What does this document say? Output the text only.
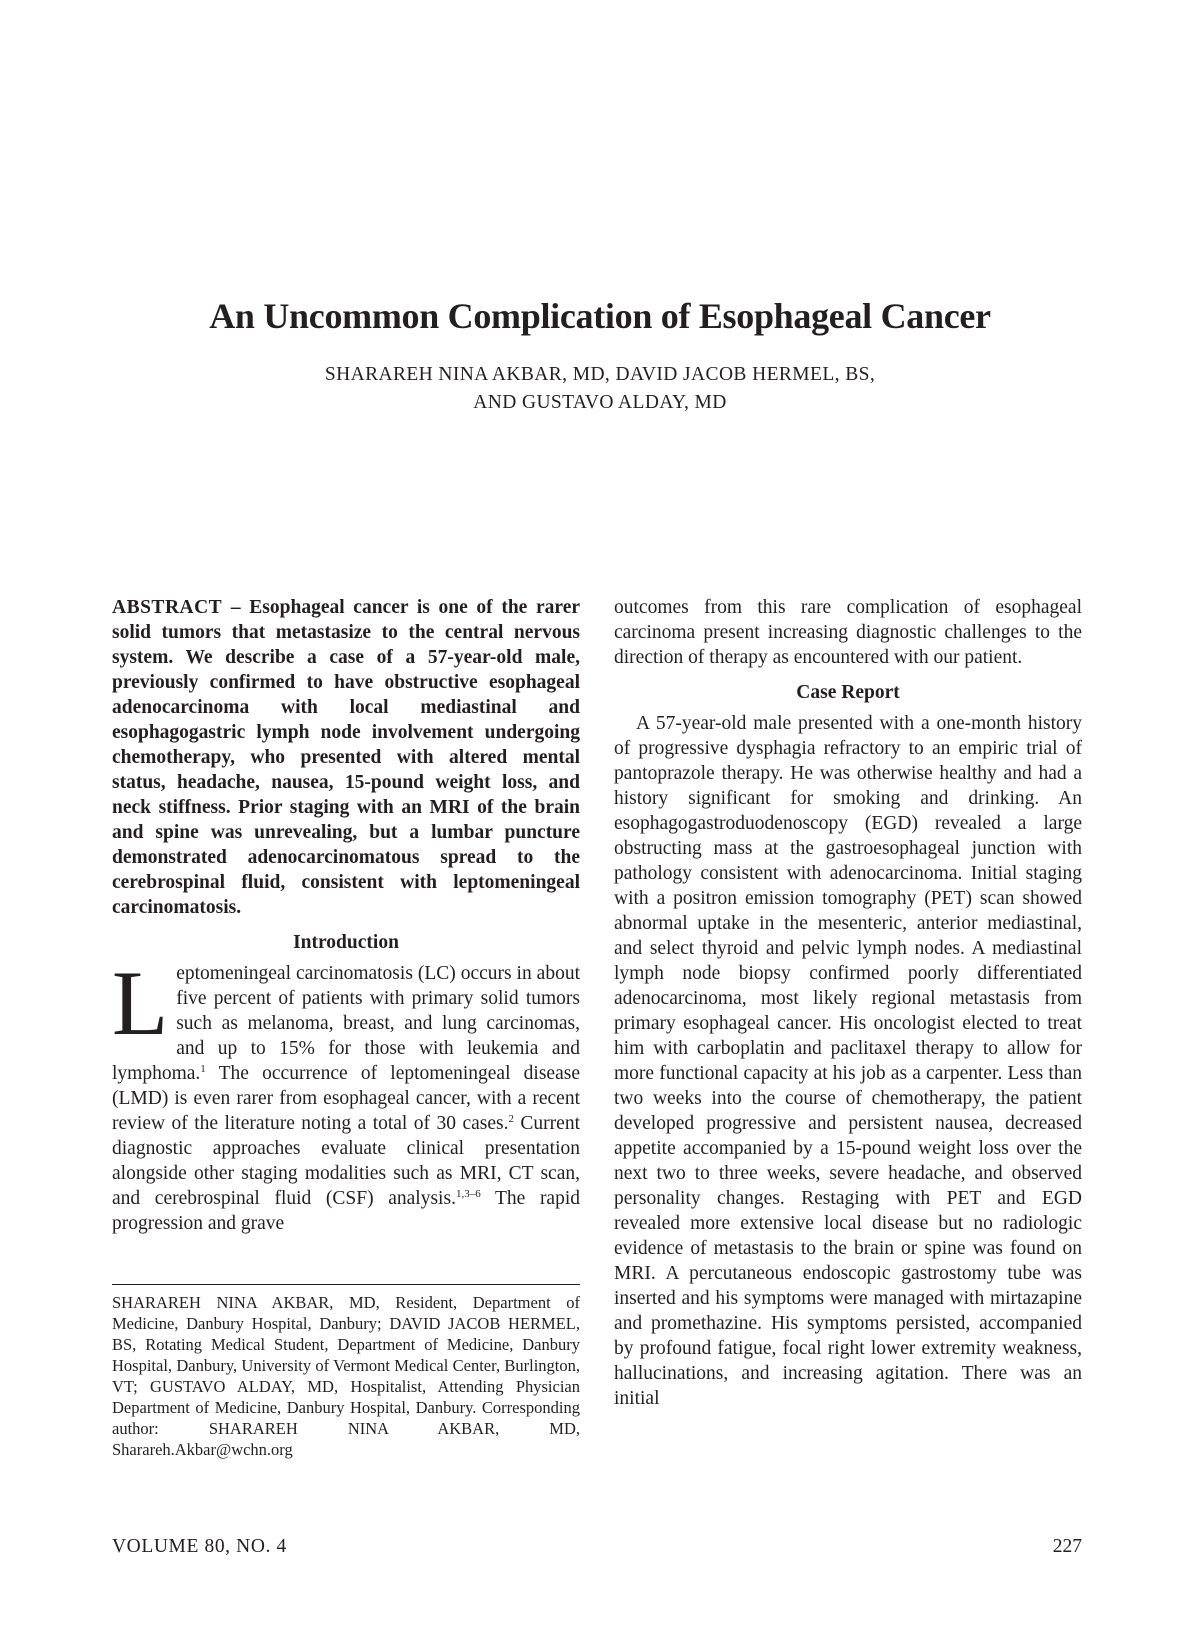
An Uncommon Complication of Esophageal Cancer
SHARAREH NINA AKBAR, MD, DAVID JACOB HERMEL, BS,
AND GUSTAVO ALDAY, MD

ABSTRACT – Esophageal cancer is one of the rarer solid tumors that metastasize to the central nervous system. We describe a case of a 57-year-old male, previously confirmed to have obstructive esophageal adenocarcinoma with local mediastinal and esophagogastric lymph node involvement undergoing chemotherapy, who presented with altered mental status, headache, nausea, 15-pound weight loss, and neck stiffness. Prior staging with an MRI of the brain and spine was unrevealing, but a lumbar puncture demonstrated adenocarcinomatous spread to the cerebrospinal fluid, consistent with leptomeningeal carcinomatosis.

Introduction

Leptomeningeal carcinomatosis (LC) occurs in about five percent of patients with primary solid tumors such as melanoma, breast, and lung carcinomas, and up to 15% for those with leukemia and lymphoma.$^1$ The occurrence of leptomeningeal disease (LMD) is even rarer from esophageal cancer, with a recent review of the literature noting a total of 30 cases.$^2$ Current diagnostic approaches evaluate clinical presentation alongside other staging modalities such as MRI, CT scan, and cerebrospinal fluid (CSF) analysis.$^{1,3-6}$ The rapid progression and grave

SHARAREH NINA AKBAR, MD, Resident, Department of Medicine, Danbury Hospital, Danbury; DAVID JACOB HERMEL, BS, Rotating Medical Student, Department of Medicine, Danbury Hospital, Danbury, University of Vermont Medical Center, Burlington, VT; GUSTAVO ALDAY, MD, Hospitalist, Attending Physician Department of Medicine, Danbury Hospital, Danbury. Corresponding author: SHARAREH NINA AKBAR, MD, Sharareh.Akbar@wchn.org

outcomes from this rare complication of esophageal carcinoma present increasing diagnostic challenges to the direction of therapy as encountered with our patient.

Case Report

A 57-year-old male presented with a one-month history of progressive dysphagia refractory to an empiric trial of pantoprazole therapy. He was otherwise healthy and had a history significant for smoking and drinking. An esophagogastroduodenoscopy (EGD) revealed a large obstructing mass at the gastroesophageal junction with pathology consistent with adenocarcinoma. Initial staging with a positron emission tomography (PET) scan showed abnormal uptake in the mesenteric, anterior mediastinal, and select thyroid and pelvic lymph nodes. A mediastinal lymph node biopsy confirmed poorly differentiated adenocarcinoma, most likely regional metastasis from primary esophageal cancer. His oncologist elected to treat him with carboplatin and paclitaxel therapy to allow for more functional capacity at his job as a carpenter. Less than two weeks into the course of chemotherapy, the patient developed progressive and persistent nausea, decreased appetite accompanied by a 15-pound weight loss over the next two to three weeks, severe headache, and observed personality changes. Restaging with PET and EGD revealed more extensive local disease but no radiologic evidence of metastasis to the brain or spine was found on MRI. A percutaneous endoscopic gastrostomy tube was inserted and his symptoms were managed with mirtazapine and promethazine. His symptoms persisted, accompanied by profound fatigue, focal right lower extremity weakness, hallucinations, and increasing agitation. There was an initial

VOLUME 80, NO. 4	227
